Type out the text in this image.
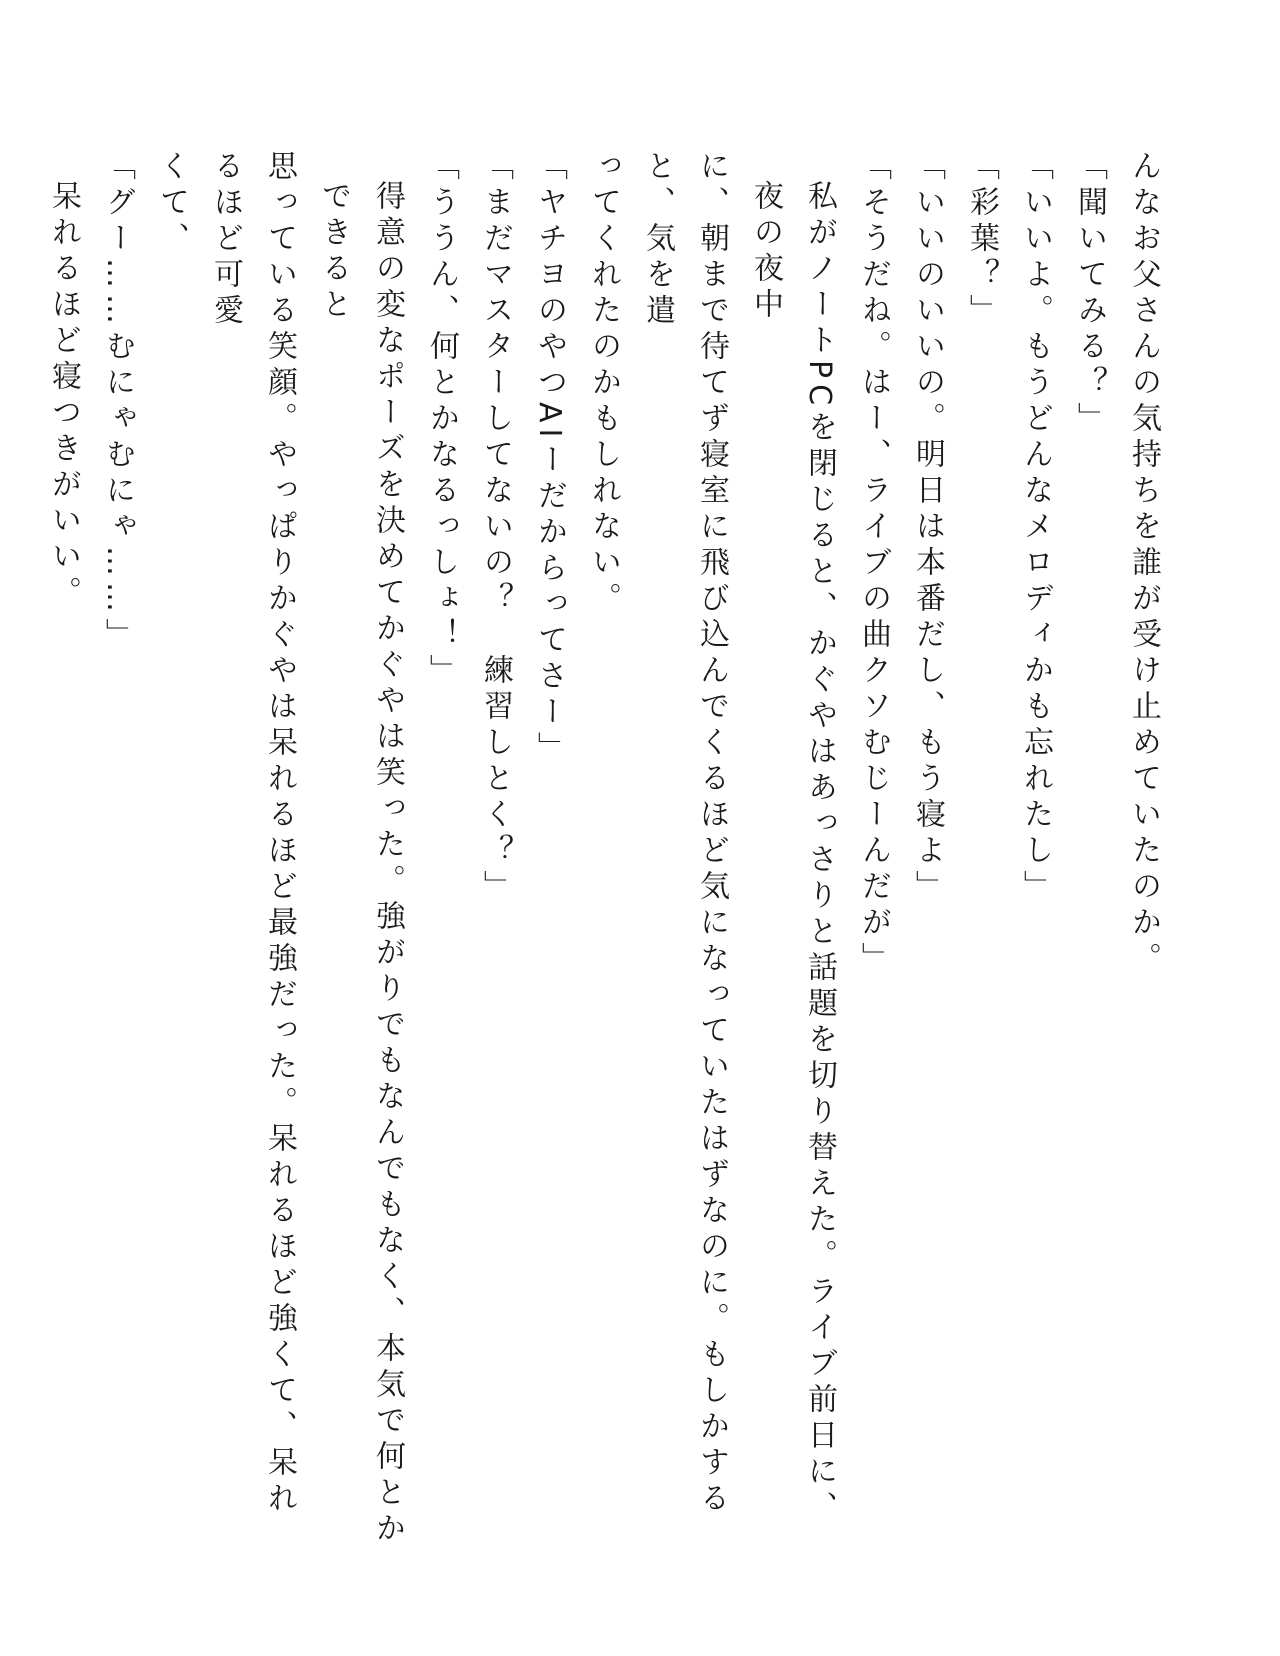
んなお父さんの気持ちを誰が受け止めていたのか。

「聞いてみる？」

「いいよ。もうどんなメロディかも忘れたし」

「彩葉？」

「いいのいいの。明日は本番だし、もう寝よ」

「そうだね。はー、ライブの曲クソむじーんだが」

私がノートPCを閉じると、かぐやはあっさりと話題を切り替えた。ライブ前日に、夜の夜中

に、朝まで待てず寝室に飛び込んでくるほど気になっていたはずなのに。もしかすると、気を遣

ってくれたのかもしれない。

「ヤチヨのやつAIーだからってさー」

「まだマスターしてないの？　練習しとく？」

「ううん、何とかなるっしょ！」

得意の変なポーズを決めてかぐやは笑った。強がりでもなんでもなく、本気で何とかできると

思っている笑顔。やっぱりかぐやは呆れるほど最強だった。呆れるほど強くて、呆れるほど可愛

くて、

「グー……むにゃむにゃ……」

呆れるほど寝つきがいい。
